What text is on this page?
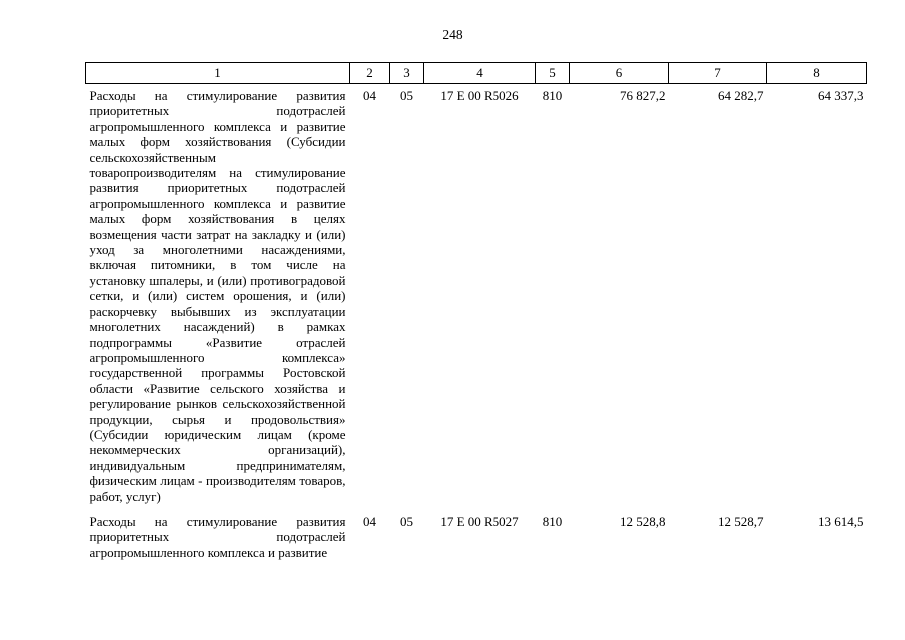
248
1	2	3	4	5	6	7	8
Расходы на стимулирование развития приоритетных подотраслей агропромышленного комплекса и развитие малых форм хозяйствования (Субсидии сельскохозяйственным товаропроизводителям на стимулирование развития приоритетных подотраслей агропромышленного комплекса и развитие малых форм хозяйствования в целях возмещения части затрат на закладку и (или) уход за многолетними насаждениями, включая питомники, в том числе на установку шпалеры, и (или) противоградовой сетки, и (или) систем орошения, и (или) раскорчевку выбывших из эксплуатации многолетних насаждений) в рамках подпрограммы «Развитие отраслей агропромышленного комплекса» государственной программы Ростовской области «Развитие сельского хозяйства и регулирование рынков сельскохозяйственной продукции, сырья и продовольствия» (Субсидии юридическим лицам (кроме некоммерческих организаций), индивидуальным предпринимателям, физическим лицам - производителям товаров, работ, услуг)	04	05	17 Е 00 R5026	810	76 827,2	64 282,7	64 337,3
Расходы на стимулирование развития приоритетных подотраслей агропромышленного комплекса и развитие	04	05	17 Е 00 R5027	810	12 528,8	12 528,7	13 614,5
